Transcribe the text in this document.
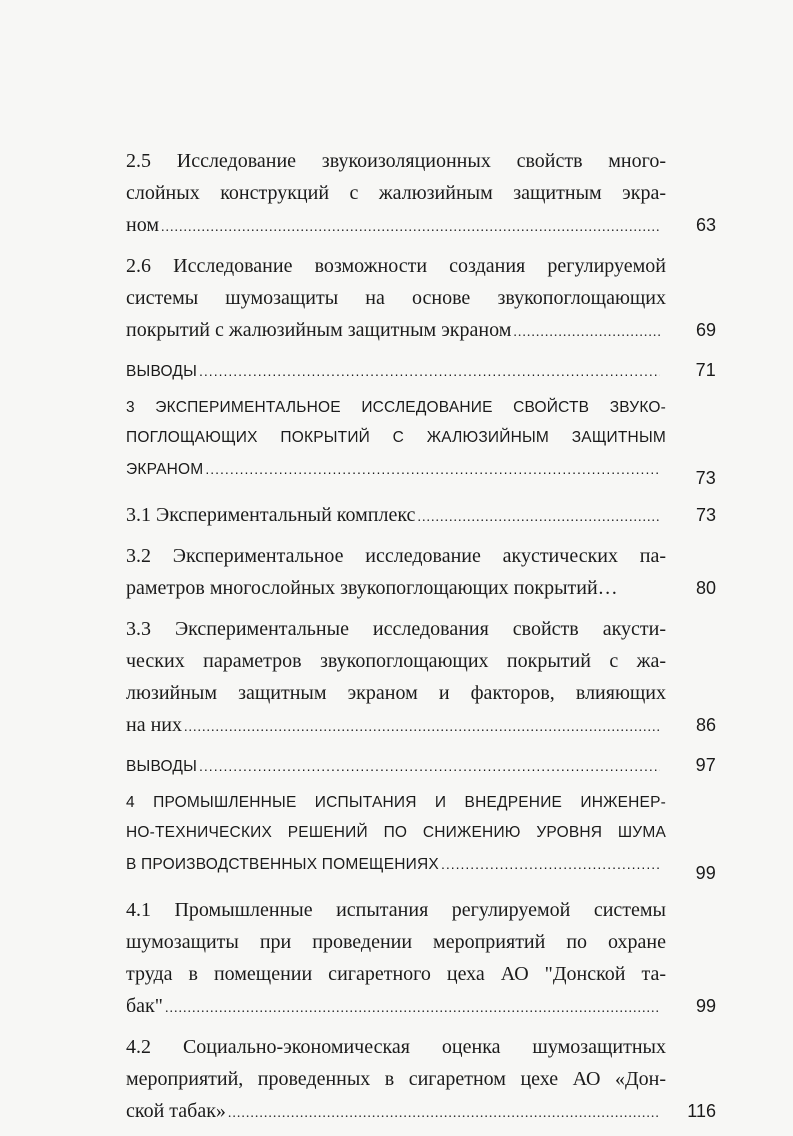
2.5 Исследование звукоизоляционных свойств много-
слойных конструкций с жалюзийным защитным экра-
ном .....	63
2.6 Исследование возможности создания регулируемой
системы шумозащиты на основе звукопоглощающих
покрытий с жалюзийным защитным экраном .....	69
ВЫВОДЫ .....	71
3 ЭКСПЕРИМЕНТАЛЬНОЕ ИССЛЕДОВАНИЕ СВОЙСТВ ЗВУКО-
ПОГЛОЩАЮЩИХ ПОКРЫТИЙ С ЖАЛЮЗИЙНЫМ ЗАЩИТНЫМ
ЭКРАНОМ .....	73
3.1 Экспериментальный комплекс .....	73
3.2 Экспериментальное исследование акустических па-
раметров многослойных звукопоглощающих покрытий…	80
3.3 Экспериментальные исследования свойств акусти-
ческих параметров звукопоглощающих покрытий с жа-
люзийным защитным экраном и факторов, влияющих
на них .....	86
ВЫВОДЫ .....	97
4 ПРОМЫШЛЕННЫЕ ИСПЫТАНИЯ И ВНЕДРЕНИЕ ИНЖЕНЕР-
НО-ТЕХНИЧЕСКИХ РЕШЕНИЙ ПО СНИЖЕНИЮ УРОВНЯ ШУМА
В ПРОИЗВОДСТВЕННЫХ ПОМЕЩЕНИЯХ .....	99
4.1 Промышленные испытания регулируемой системы
шумозащиты при проведении мероприятий по охране
труда в помещении сигаретного цеха АО "Донской та-
бак" .....	99
4.2 Социально-экономическая оценка шумозащитных
мероприятий, проведенных в сигаретном цехе АО «Дон-
ской табак» .....	116
